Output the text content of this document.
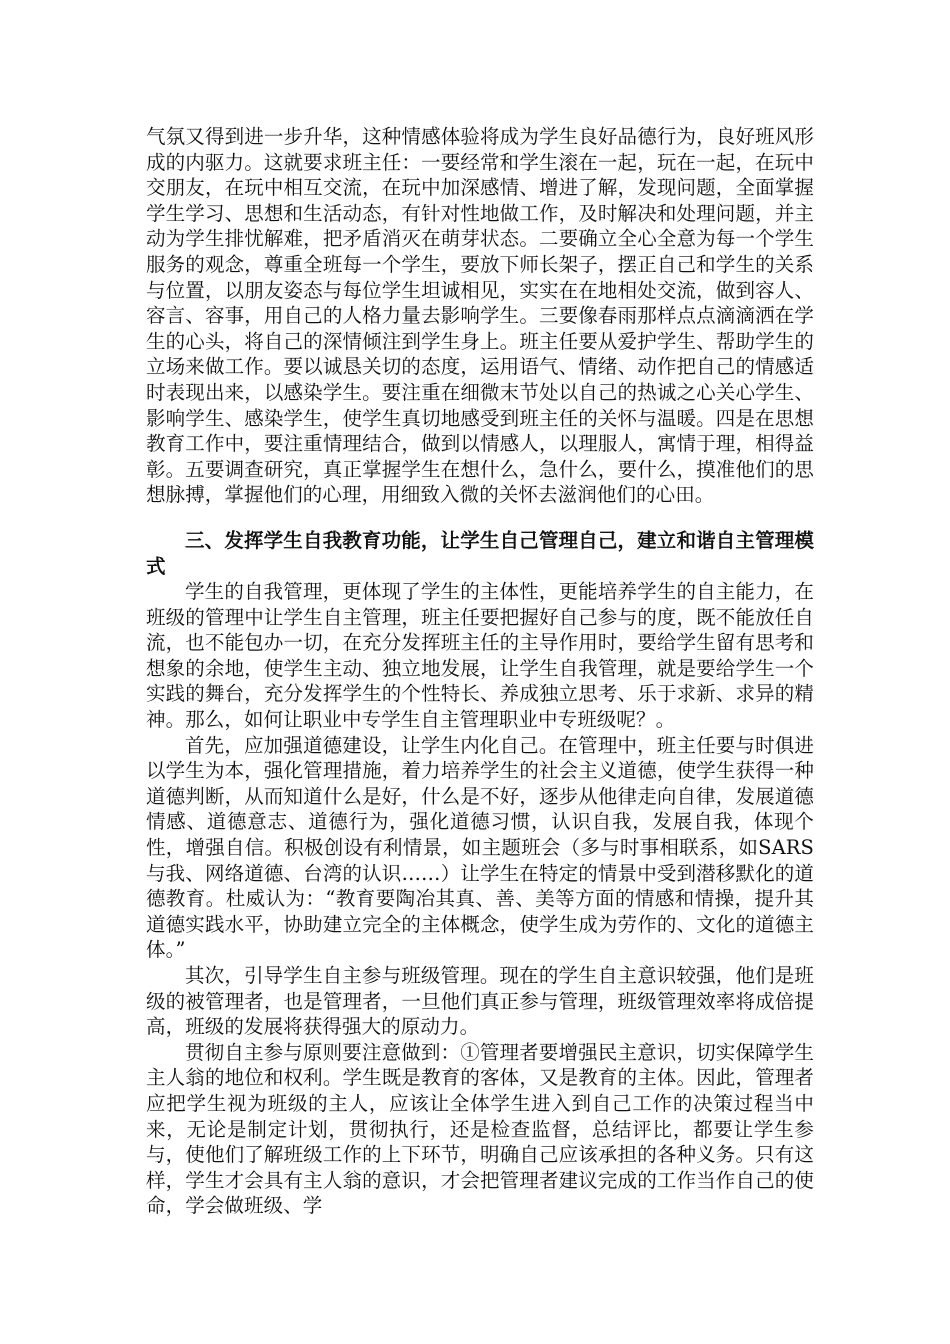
气氛又得到进一步升华，这种情感体验将成为学生良好品德行为，良好班风形成的内驱力。这就要求班主任：一要经常和学生滚在一起，玩在一起，在玩中交朋友，在玩中相互交流，在玩中加深感情、增进了解，发现问题，全面掌握学生学习、思想和生活动态，有针对性地做工作，及时解决和处理问题，并主动为学生排忧解难，把矛盾消灭在萌芽状态。二要确立全心全意为每一个学生服务的观念，尊重全班每一个学生，要放下师长架子，摆正自己和学生的关系与位置，以朋友姿态与每位学生坦诚相见，实实在在地相处交流，做到容人、容言、容事，用自己的人格力量去影响学生。三要像春雨那样点点滴滴洒在学生的心头，将自己的深情倾注到学生身上。班主任要从爱护学生、帮助学生的立场来做工作。要以诚恳关切的态度，运用语气、情绪、动作把自己的情感适时表现出来，以感染学生。要注重在细微末节处以自己的热诚之心关心学生、影响学生、感染学生，使学生真切地感受到班主任的关怀与温暖。四是在思想教育工作中，要注重情理结合，做到以情感人，以理服人，寓情于理，相得益彰。五要调查研究，真正掌握学生在想什么，急什么，要什么，摸准他们的思想脉搏，掌握他们的心理，用细致入微的关怀去滋润他们的心田。

三、发挥学生自我教育功能，让学生自己管理自己，建立和谐自主管理模式

学生的自我管理，更体现了学生的主体性，更能培养学生的自主能力，在班级的管理中让学生自主管理，班主任要把握好自己参与的度，既不能放任自流，也不能包办一切，在充分发挥班主任的主导作用时，要给学生留有思考和想象的余地，使学生主动、独立地发展，让学生自我管理，就是要给学生一个实践的舞台，充分发挥学生的个性特长、养成独立思考、乐于求新、求异的精神。那么，如何让职业中专学生自主管理职业中专班级呢？。

首先，应加强道德建设，让学生内化自己。在管理中，班主任要与时俱进以学生为本，强化管理措施，着力培养学生的社会主义道德，使学生获得一种道德判断，从而知道什么是好，什么是不好，逐步从他律走向自律，发展道德情感、道德意志、道德行为，强化道德习惯，认识自我，发展自我，体现个性，增强自信。积极创设有利情景，如主题班会（多与时事相联系，如SARS与我、网络道德、台湾的认识……）让学生在特定的情景中受到潜移默化的道德教育。杜威认为：“教育要陶冶其真、善、美等方面的情感和情操，提升其道德实践水平，协助建立完全的主体概念，使学生成为劳作的、文化的道德主体。”

其次，引导学生自主参与班级管理。现在的学生自主意识较强，他们是班级的被管理者，也是管理者，一旦他们真正参与管理，班级管理效率将成倍提高，班级的发展将获得强大的原动力。

贯彻自主参与原则要注意做到：①管理者要增强民主意识，切实保障学生主人翁的地位和权利。学生既是教育的客体，又是教育的主体。因此，管理者应把学生视为班级的主人，应该让全体学生进入到自己工作的决策过程当中来，无论是制定计划，贯彻执行，还是检查监督，总结评比，都要让学生参与，使他们了解班级工作的上下环节，明确自己应该承担的各种义务。只有这样，学生才会具有主人翁的意识，才会把管理者建议完成的工作当作自己的使命，学会做班级、学
